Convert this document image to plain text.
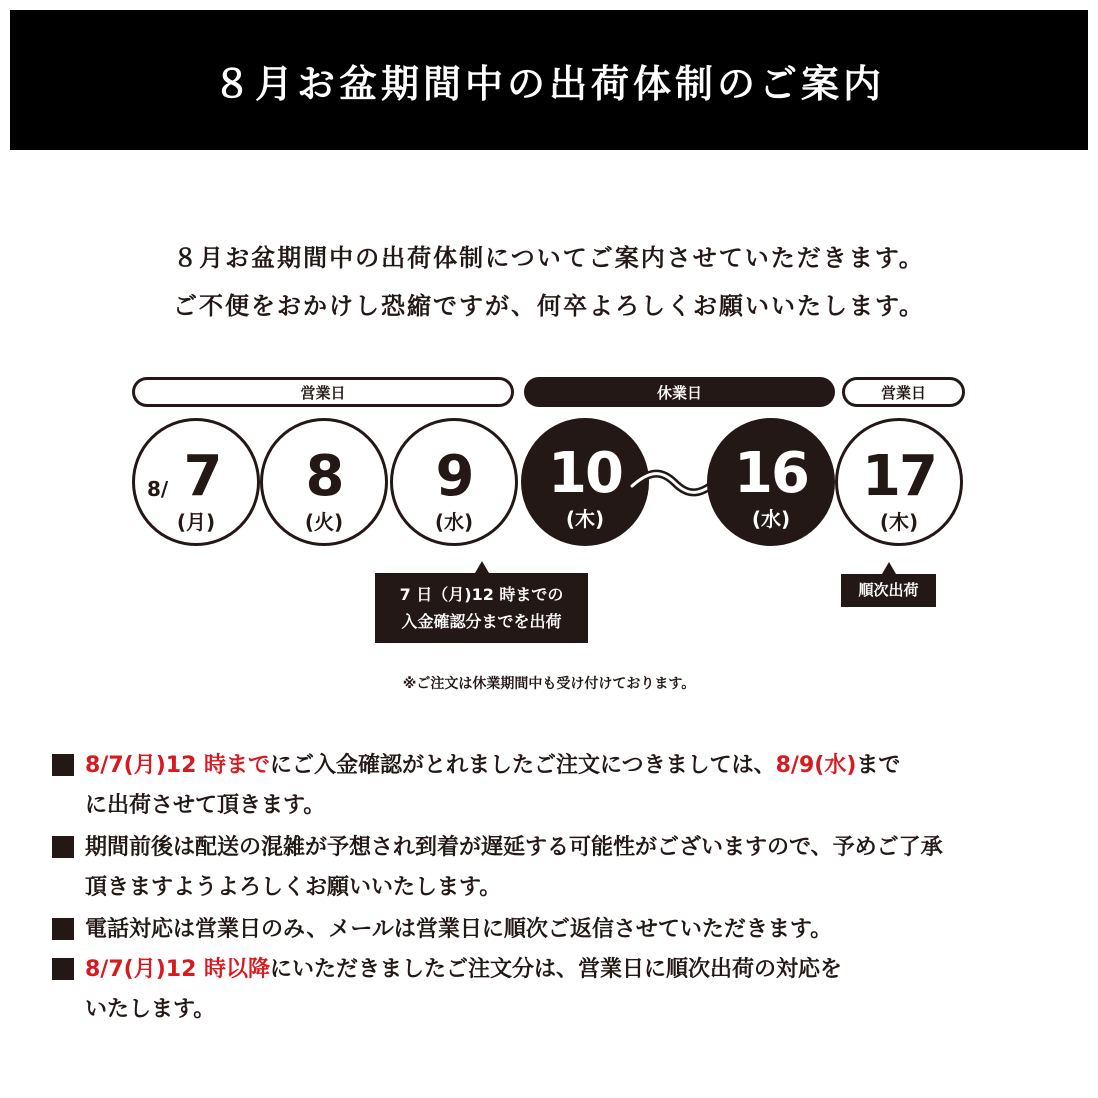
８月お盆期間中の出荷体制のご案内
８月お盆期間中の出荷体制についてご案内させていただきます。
ご不便をおかけし恐縮ですが、何卒よろしくお願いいたします。
営業日	休業日	営業日
8/ 7
(月)
8
(火)
9
(水)
10
(木)
16
(水)
17
(木)
7 日（月)12 時までの
入金確認分までを出荷
順次出荷
※ご注文は休業期間中も受け付けております。
8/7(月)12 時までにご入金確認がとれましたご注文につきましては、8/9(水)まで
に出荷させて頂きます。
期間前後は配送の混雑が予想され到着が遅延する可能性がございますので、予めご了承
頂きますようよろしくお願いいたします。
電話対応は営業日のみ、メールは営業日に順次ご返信させていただきます。
8/7(月)12 時以降にいただきましたご注文分は、営業日に順次出荷の対応を
いたします。
